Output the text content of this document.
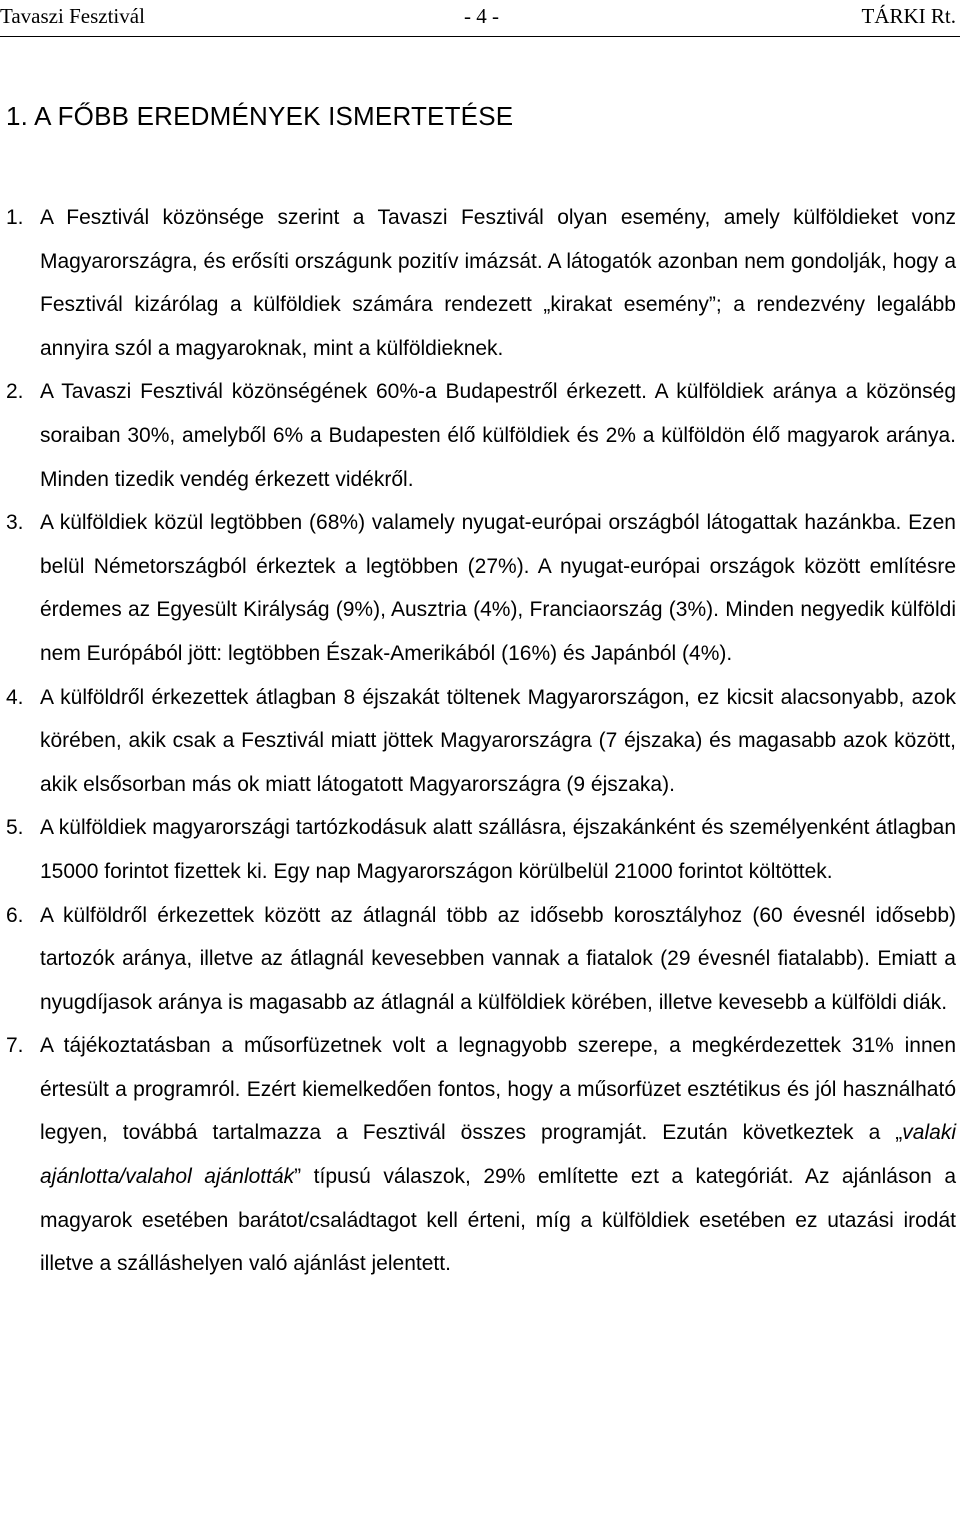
Tavaszi Fesztivál	- 4 -	TÁRKI Rt.
1. A FŐBB EREDMÉNYEK ISMERTETÉSE
1. A Fesztivál közönsége szerint a Tavaszi Fesztivál olyan esemény, amely külföldieket vonz Magyarországra, és erősíti országunk pozitív imázsát. A látogatók azonban nem gondolják, hogy a Fesztivál kizárólag a külföldiek számára rendezett „kirakat esemény”; a rendezvény legalább annyira szól a magyaroknak, mint a külföldieknek.
2. A Tavaszi Fesztivál közönségének 60%-a Budapestről érkezett. A külföldiek aránya a közönség soraiban 30%, amelyből 6% a Budapesten élő külföldiek és 2% a külföldön élő magyarok aránya. Minden tizedik vendég érkezett vidékről.
3. A külföldiek közül legtöbben (68%) valamely nyugat-európai országból látogattak hazánkba. Ezen belül Németországból érkeztek a legtöbben (27%). A nyugat-európai országok között említésre érdemes az Egyesült Királyság (9%), Ausztria (4%), Franciaország (3%). Minden negyedik külföldi nem Európából jött: legtöbben Észak-Amerikából (16%) és Japánból (4%).
4. A külföldről érkezettek átlagban 8 éjszakát töltenek Magyarországon, ez kicsit alacsonyabb, azok körében, akik csak a Fesztivál miatt jöttek Magyarországra (7 éjszaka) és magasabb azok között, akik elsősorban más ok miatt látogatott Magyarországra (9 éjszaka).
5. A külföldiek magyarországi tartózkodásuk alatt szállásra, éjszakánként és személyenként átlagban 15000 forintot fizettek ki. Egy nap Magyarországon körülbelül 21000 forintot költöttek.
6. A külföldről érkezettek között az átlagnál több az idősebb korosztályhoz (60 évesnél idősebb) tartozók aránya, illetve az átlagnál kevesebben vannak a fiatalok (29 évesnél fiatalabb). Emiatt a nyugdíjasok aránya is magasabb az átlagnál a külföldiek körében, illetve kevesebb a külföldi diák.
7. A tájékoztatásban a műsorfüzetnek volt a legnagyobb szerepe, a megkérdezettek 31% innen értesült a programról. Ezért kiemelkedően fontos, hogy a műsorfüzet esztétikus és jól használható legyen, továbbá tartalmazza a Fesztivál összes programját. Ezután következtek a „valaki ajánlotta/valahol ajánlották” típusú válaszok, 29% említette ezt a kategóriát. Az ajánláson a magyarok esetében barátot/családtagot kell érteni, míg a külföldiek esetében ez utazási irodát illetve a szálláshelyen való ajánlást jelentett.
